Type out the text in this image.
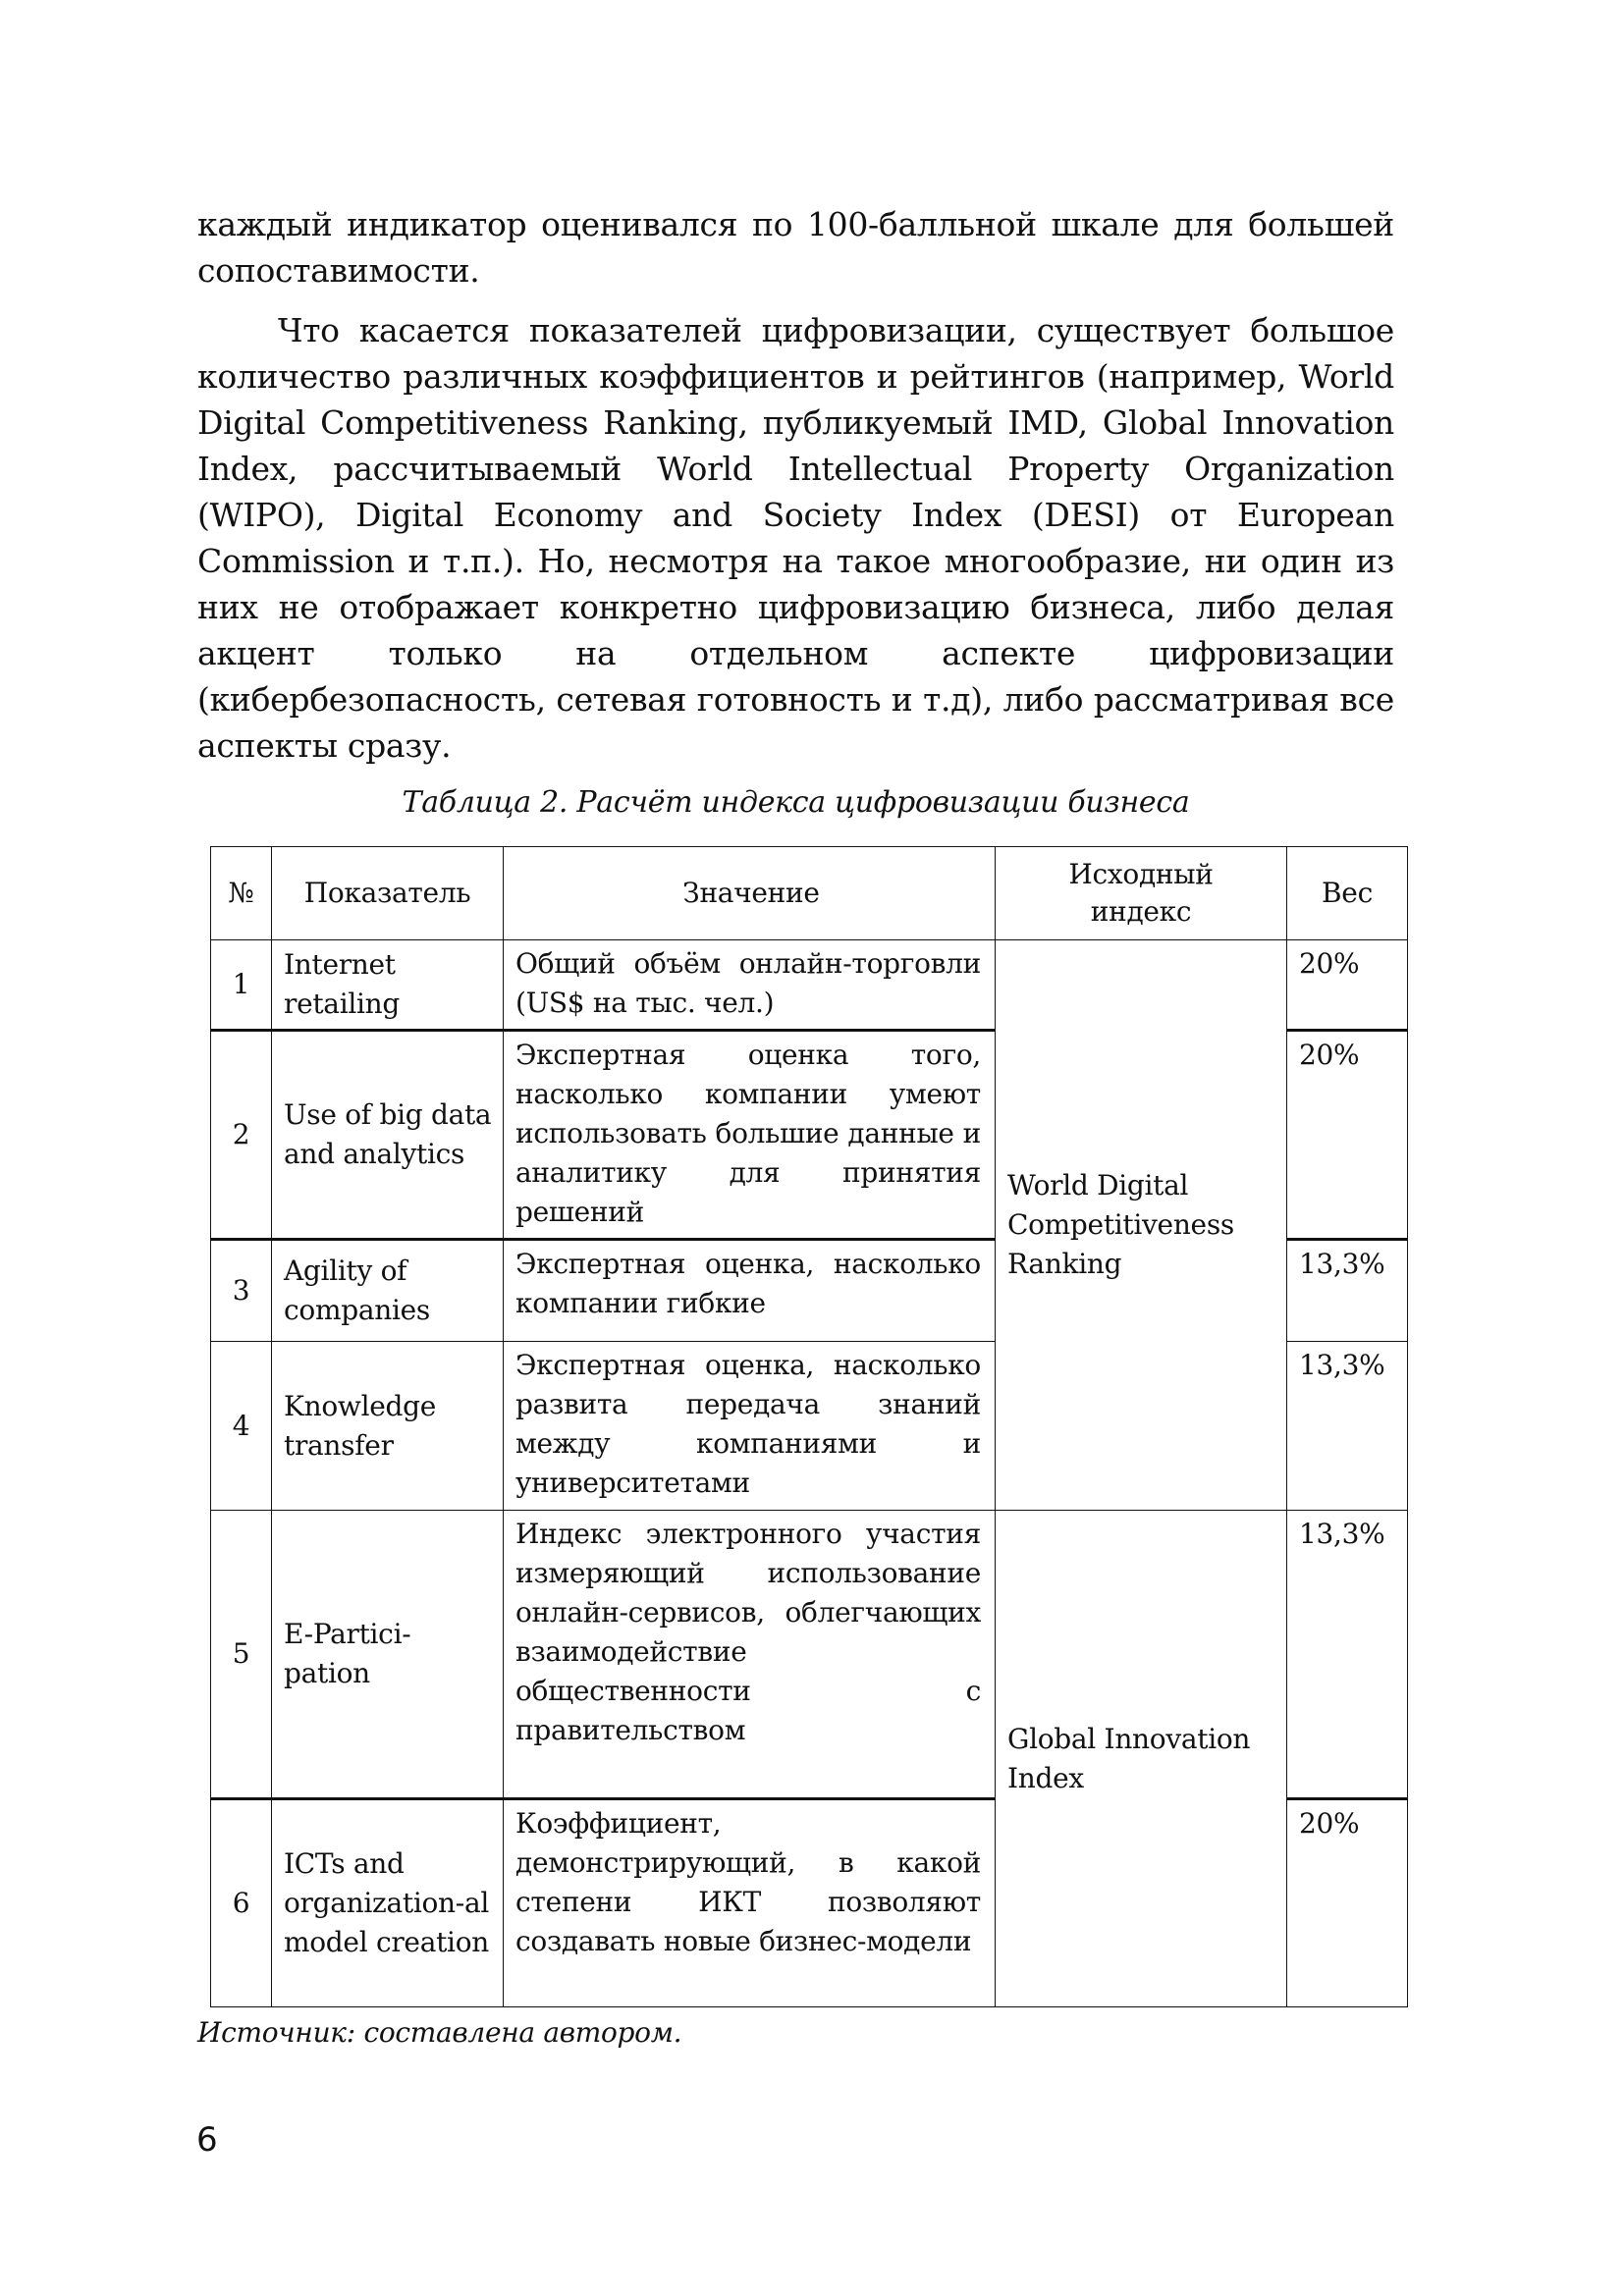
каждый индикатор оценивался по 100-балльной шкале для большей сопоставимости.

Что касается показателей цифровизации, существует большое количество различных коэффициентов и рейтингов (например, World Digital Competitiveness Ranking, публикуемый IMD, Global Innovation Index, рассчитываемый World Intellectual Property Organization (WIPO), Digital Economy and Society Index (DESI) от European Commission и т.п.). Но, несмотря на такое многообразие, ни один из них не отображает конкретно цифровизацию бизнеса, либо делая акцент только на отдельном аспекте цифровизации (кибербезопасность, сетевая готовность и т.д), либо рассматривая все аспекты сразу.

Таблица 2. Расчёт индекса цифровизации бизнеса
№	Показатель	Значение	Исходный индекс	Вес
1	Internet retailing	Общий объём онлайн-торговли (US$ на тыс. чел.)	World Digital Competitiveness Ranking	20%
2	Use of big data and analytics	Экспертная оценка того, насколько компании умеют использовать большие данные и аналитику для принятия решений		20%
3	Agility of companies	Экспертная оценка, насколько компании гибкие		13,3%
4	Knowledge transfer	Экспертная оценка, насколько развита передача знаний между компаниями и университетами		13,3%
5	E-Partici-pation	Индекс электронного участия измеряющий использование онлайн-сервисов, облегчающих взаимодействие общественности с правительством	Global Innovation Index	13,3%
6	ICTs and organization-al model creation	Коэффициент, демонстрирующий, в какой степени ИКТ позволяют создавать новые бизнес-модели		20%
Источник: составлена автором.
6
